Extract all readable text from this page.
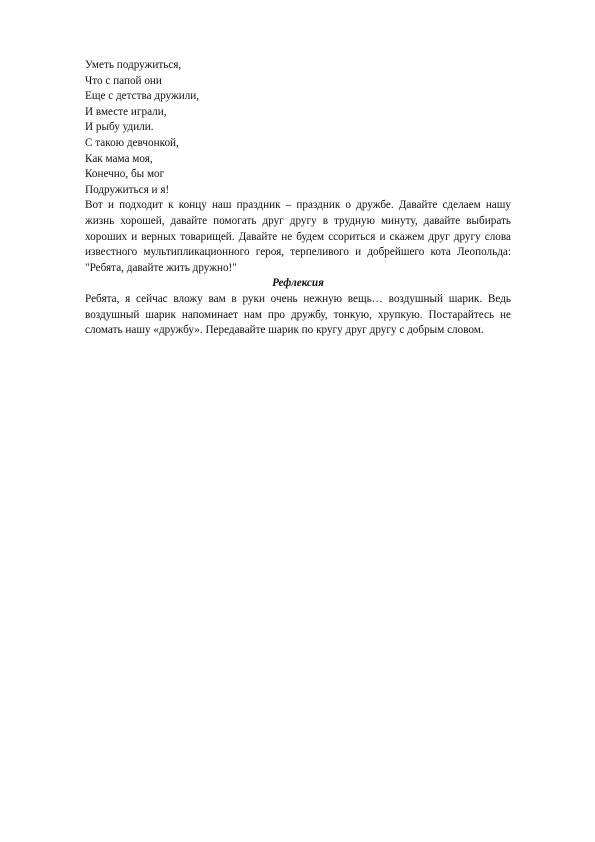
Уметь подружиться,

Что с папой они

Еще с детства дружили,

И вместе играли,

И рыбу удили.

С такою девчонкой,

Как мама моя,

Конечно, бы мог

Подружиться и я!

Вот и подходит к концу наш праздник – праздник о дружбе. Давайте сделаем нашу жизнь хорошей, давайте помогать друг другу в трудную минуту, давайте выбирать хороших и верных товарищей. Давайте не будем ссориться и скажем друг другу слова известного мультипликационного героя, терпеливого и добрейшего кота Леопольда: "Ребята, давайте жить дружно!"

Рефлексия

Ребята, я сейчас вложу вам в руки очень нежную вещь… воздушный шарик. Ведь воздушный шарик напоминает нам про дружбу, тонкую, хрупкую. Постарайтесь не сломать нашу «дружбу». Передавайте шарик по кругу друг другу с добрым словом.
